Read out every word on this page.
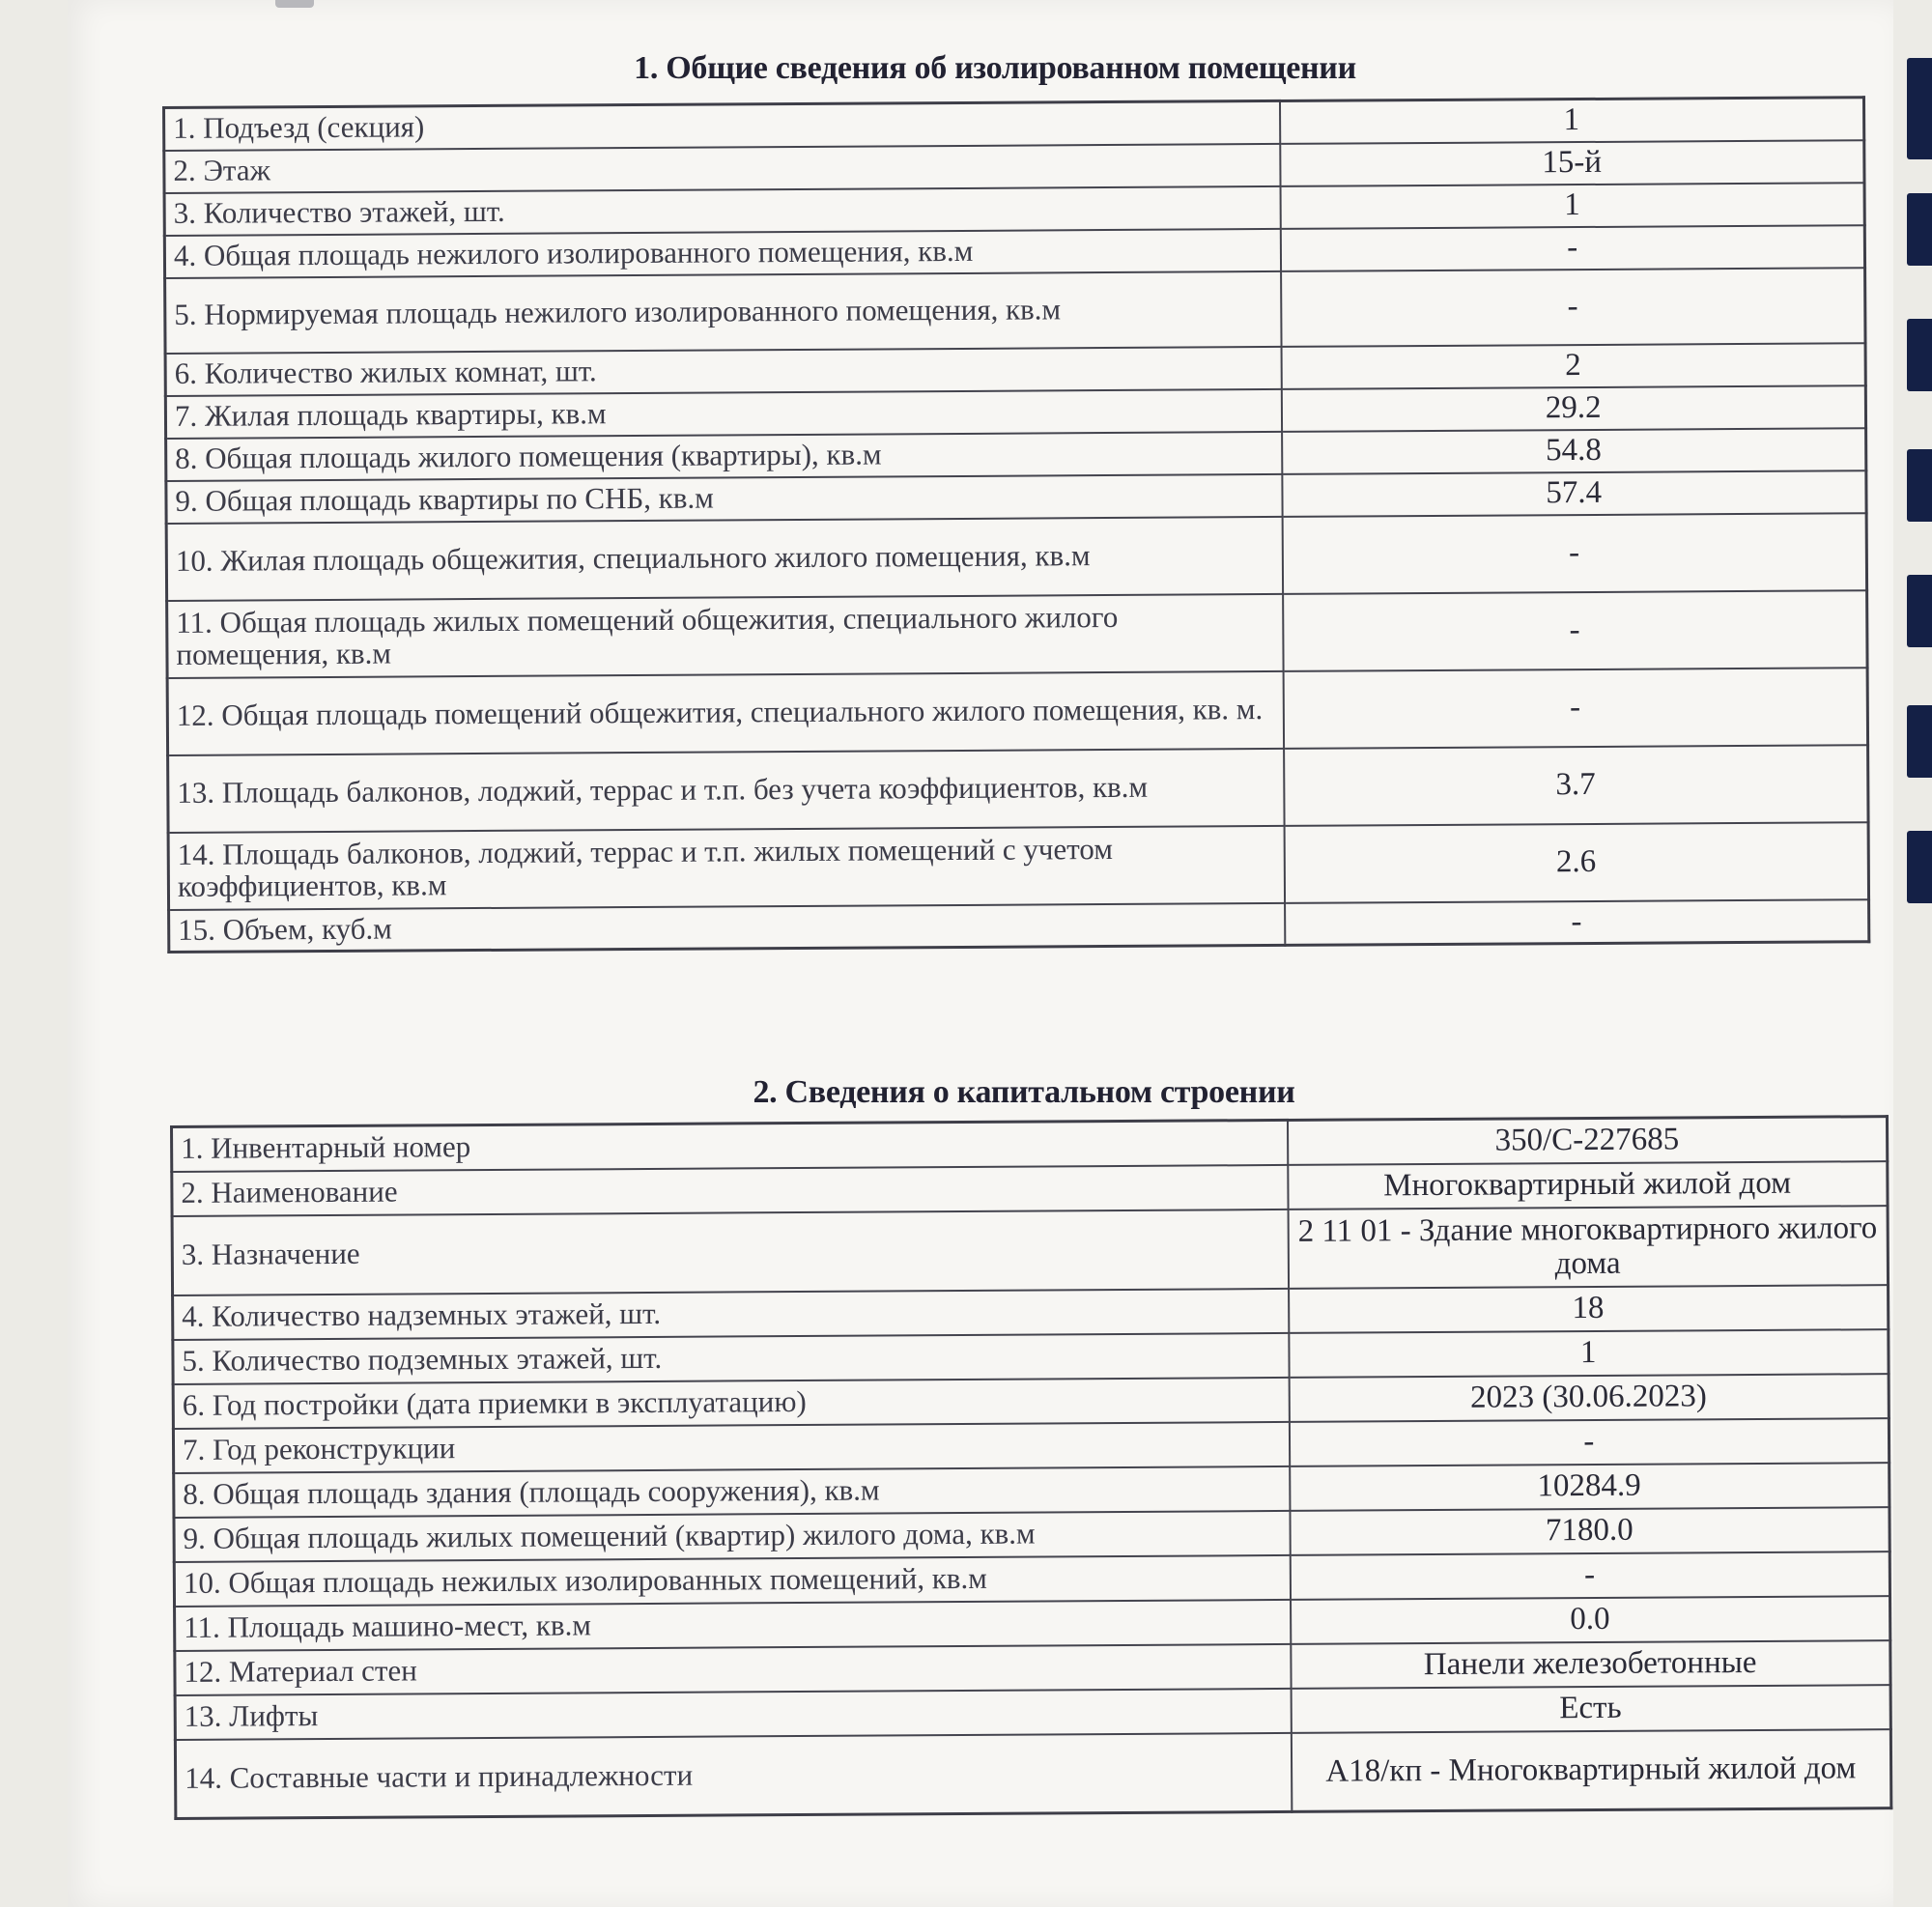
1. Общие сведения об изолированном помещении
1. Подъезд (секция)	1
2. Этаж	15-й
3. Количество этажей, шт.	1
4. Общая площадь нежилого изолированного помещения, кв.м	-
5. Нормируемая площадь нежилого изолированного помещения, кв.м	-
6. Количество жилых комнат, шт.	2
7. Жилая площадь квартиры, кв.м	29.2
8. Общая площадь жилого помещения (квартиры), кв.м	54.8
9. Общая площадь квартиры по СНБ, кв.м	57.4
10. Жилая площадь общежития, специального жилого помещения, кв.м	-
11. Общая площадь жилых помещений общежития, специального жилого помещения, кв.м	-
12. Общая площадь помещений общежития, специального жилого помещения, кв. м.	-
13. Площадь балконов, лоджий, террас и т.п. без учета коэффициентов, кв.м	3.7
14. Площадь балконов, лоджий, террас и т.п. жилых помещений с учетом коэффициентов, кв.м	2.6
15. Объем, куб.м	-
2. Сведения о капитальном строении
1. Инвентарный номер	350/С-227685
2. Наименование	Многоквартирный жилой дом
3. Назначение	2 11 01 - Здание многоквартирного жилого дома
4. Количество надземных этажей, шт.	18
5. Количество подземных этажей, шт.	1
6. Год постройки (дата приемки в эксплуатацию)	2023 (30.06.2023)
7. Год реконструкции	-
8. Общая площадь здания (площадь сооружения), кв.м	10284.9
9. Общая площадь жилых помещений (квартир) жилого дома, кв.м	7180.0
10. Общая площадь нежилых изолированных помещений, кв.м	-
11. Площадь машино-мест, кв.м	0.0
12. Материал стен	Панели железобетонные
13. Лифты	Есть
14. Составные части и принадлежности	А18/кп - Многоквартирный жилой дом
